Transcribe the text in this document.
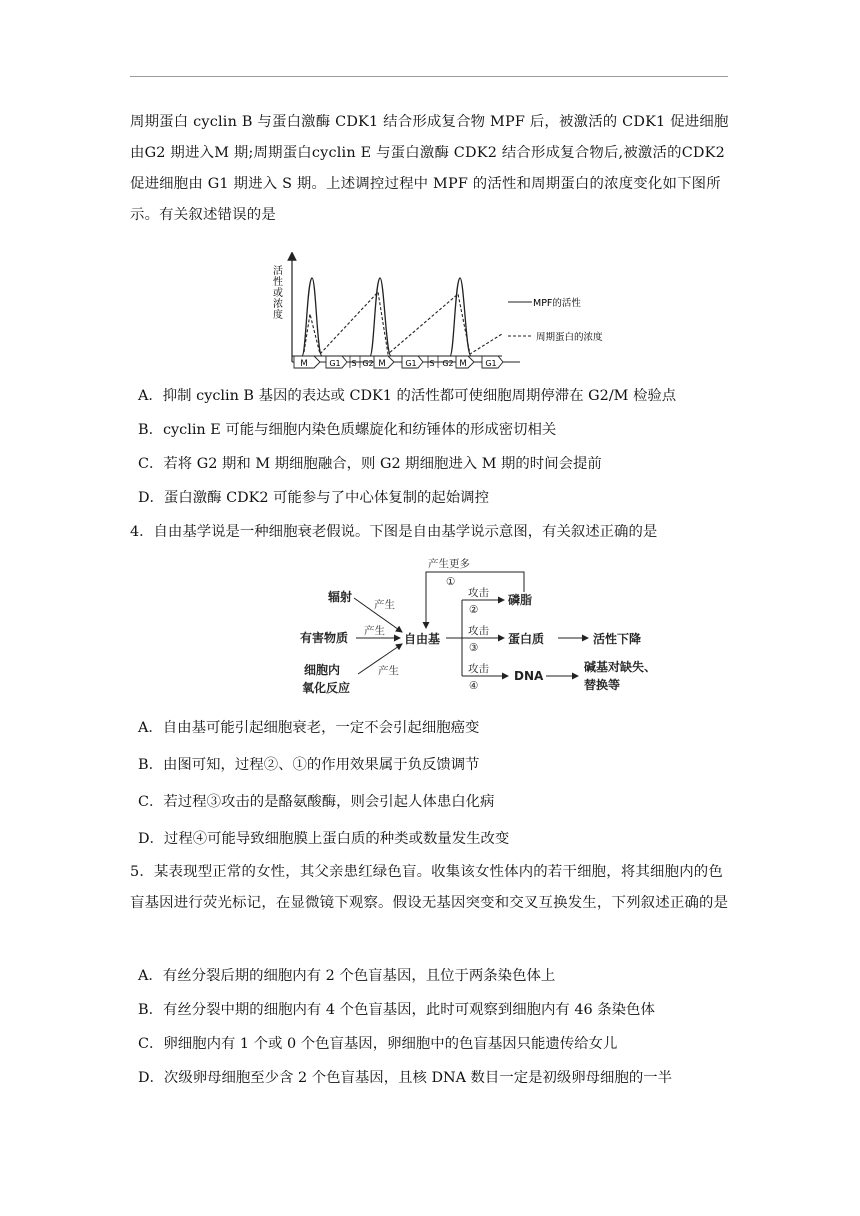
周期蛋白 cyclin B 与蛋白激酶 CDK1 结合形成复合物 MPF 后，被激活的 CDK1 促进细胞由G2 期进入M 期;周期蛋白cyclin E 与蛋白激酶 CDK2 结合形成复合物后,被激活的CDK2 促进细胞由 G1 期进入 S 期。上述调控过程中 MPF 的活性和周期蛋白的浓度变化如下图所示。有关叙述错误的是
活
性
或
浓
度
MPF的活性
周期蛋白的浓度
M	G1 S G2 M G1 S G2 M G1
A．抑制 cyclin B 基因的表达或 CDK1 的活性都可使细胞周期停滞在 G2/M 检验点
B．cyclin E 可能与细胞内染色质螺旋化和纺锤体的形成密切相关
C．若将 G2 期和 M 期细胞融合，则 G2 期细胞进入 M 期的时间会提前
D．蛋白激酶 CDK2 可能参与了中心体复制的起始调控
4．自由基学说是一种细胞衰老假说。下图是自由基学说示意图，有关叙述正确的是
辐射
有害物质
细胞内
氧化反应
自由基
磷脂
蛋白质	活性下降
DNA
碱基对缺失、
替换等
产生
产生
产生
产生更多
①
攻击
②
攻击
③
攻击
④
A．自由基可能引起细胞衰老，一定不会引起细胞癌变
B．由图可知，过程②、①的作用效果属于负反馈调节
C．若过程③攻击的是酪氨酸酶，则会引起人体患白化病
D．过程④可能导致细胞膜上蛋白质的种类或数量发生改变
5．某表现型正常的女性，其父亲患红绿色盲。收集该女性体内的若干细胞，将其细胞内的色盲基因进行荧光标记，在显微镜下观察。假设无基因突变和交叉互换发生，下列叙述正确的是
A．有丝分裂后期的细胞内有 2 个色盲基因，且位于两条染色体上
B．有丝分裂中期的细胞内有 4 个色盲基因，此时可观察到细胞内有 46 条染色体
C．卵细胞内有 1 个或 0 个色盲基因，卵细胞中的色盲基因只能遗传给女儿
D．次级卵母细胞至少含 2 个色盲基因，且核 DNA 数目一定是初级卵母细胞的一半
